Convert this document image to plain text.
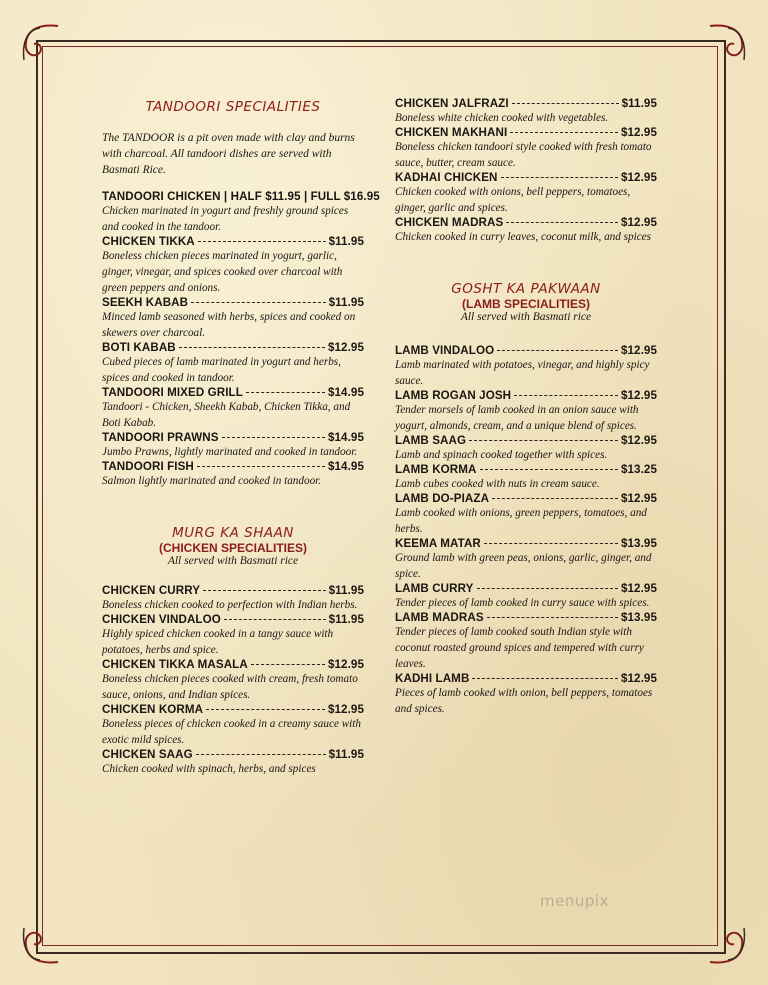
TANDOORI SPECIALITIES
The TANDOOR is a pit oven made with clay and burns with charcoal. All tandoori dishes are served with Basmati Rice.
TANDOORI CHICKEN | HALF $11.95 | FULL $16.95
Chicken marinated in yogurt and freshly ground spices and cooked in the tandoor.
CHICKEN TIKKA	$11.95
Boneless chicken pieces marinated in yogurt, garlic, ginger, vinegar, and spices cooked over charcoal with green peppers and onions.
SEEKH KABAB	$11.95
Minced lamb seasoned with herbs, spices and cooked on skewers over charcoal.
BOTI KABAB	$12.95
Cubed pieces of lamb marinated in yogurt and herbs, spices and cooked in tandoor.
TANDOORI MIXED GRILL	$14.95
Tandoori - Chicken, Sheekh Kabab, Chicken Tikka, and Boti Kabab.
TANDOORI PRAWNS	$14.95
Jumbo Prawns, lightly marinated and cooked in tandoor.
TANDOORI FISH	$14.95
Salmon lightly marinated and cooked in tandoor.
MURG KA SHAAN
(CHICKEN SPECIALITIES)
All served with Basmati rice
CHICKEN CURRY	$11.95
Boneless chicken cooked to perfection with Indian herbs.
CHICKEN VINDALOO	$11.95
Highly spiced chicken cooked in a tangy sauce with potatoes, herbs and spice.
CHICKEN TIKKA MASALA	$12.95
Boneless chicken pieces cooked with cream, fresh tomato sauce, onions, and Indian spices.
CHICKEN KORMA	$12.95
Boneless pieces of chicken cooked in a creamy sauce with exotic mild spices.
CHICKEN SAAG	$11.95
Chicken cooked with spinach, herbs, and spices
CHICKEN JALFRAZI	$11.95
Boneless white chicken cooked with vegetables.
CHICKEN MAKHANI	$12.95
Boneless chicken tandoori style cooked with fresh tomato sauce, butter, cream sauce.
KADHAI CHICKEN	$12.95
Chicken cooked with onions, bell peppers, tomatoes, ginger, garlic and spices.
CHICKEN MADRAS	$12.95
Chicken cooked in curry leaves, coconut milk, and spices
GOSHT KA PAKWAAN
(LAMB SPECIALITIES)
All served with Basmati rice
LAMB VINDALOO	$12.95
Lamb marinated with potatoes, vinegar, and highly spicy sauce.
LAMB ROGAN JOSH	$12.95
Tender morsels of lamb cooked in an onion sauce with yogurt, almonds, cream, and a unique blend of spices.
LAMB SAAG	$12.95
Lamb and spinach cooked together with spices.
LAMB KORMA	$13.25
Lamb cubes cooked with nuts in cream sauce.
LAMB DO-PIAZA	$12.95
Lamb cooked with onions, green peppers, tomatoes, and herbs.
KEEMA MATAR	$13.95
Ground lamb with green peas, onions, garlic, ginger, and spice.
LAMB CURRY	$12.95
Tender pieces of lamb cooked in curry sauce with spices.
LAMB MADRAS	$13.95
Tender pieces of lamb cooked south Indian style with coconut roasted ground spices and tempered with curry leaves.
KADHI LAMB	$12.95
Pieces of lamb cooked with onion, bell peppers, tomatoes and spices.
menupix
